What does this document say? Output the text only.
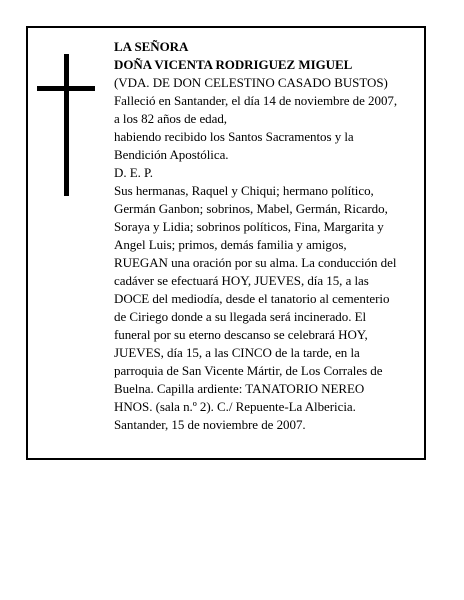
LA SEÑORA
DOÑA VICENTA RODRIGUEZ MIGUEL
(VDA. DE DON CELESTINO CASADO BUSTOS)
Falleció en Santander, el día 14 de noviembre de 2007,
a los 82 años de edad,
habiendo recibido los Santos Sacramentos y la
Bendición Apostólica.
D. E. P.
Sus hermanas, Raquel y Chiqui; hermano político,
Germán Ganbon; sobrinos, Mabel, Germán, Ricardo,
Soraya y Lidia; sobrinos políticos, Fina, Margarita y
Angel Luis; primos, demás familia y amigos,
RUEGAN una oración por su alma. La conducción del
cadáver se efectuará HOY, JUEVES, día 15, a las
DOCE del mediodía, desde el tanatorio al cementerio
de Ciriego donde a su llegada será incinerado. El
funeral por su eterno descanso se celebrará HOY,
JUEVES, día 15, a las CINCO de la tarde, en la
parroquia de San Vicente Mártir, de Los Corrales de
Buelna. Capilla ardiente: TANATORIO NEREO
HNOS. (sala n.º 2). C./ Repuente-La Albericia.
Santander, 15 de noviembre de 2007.
